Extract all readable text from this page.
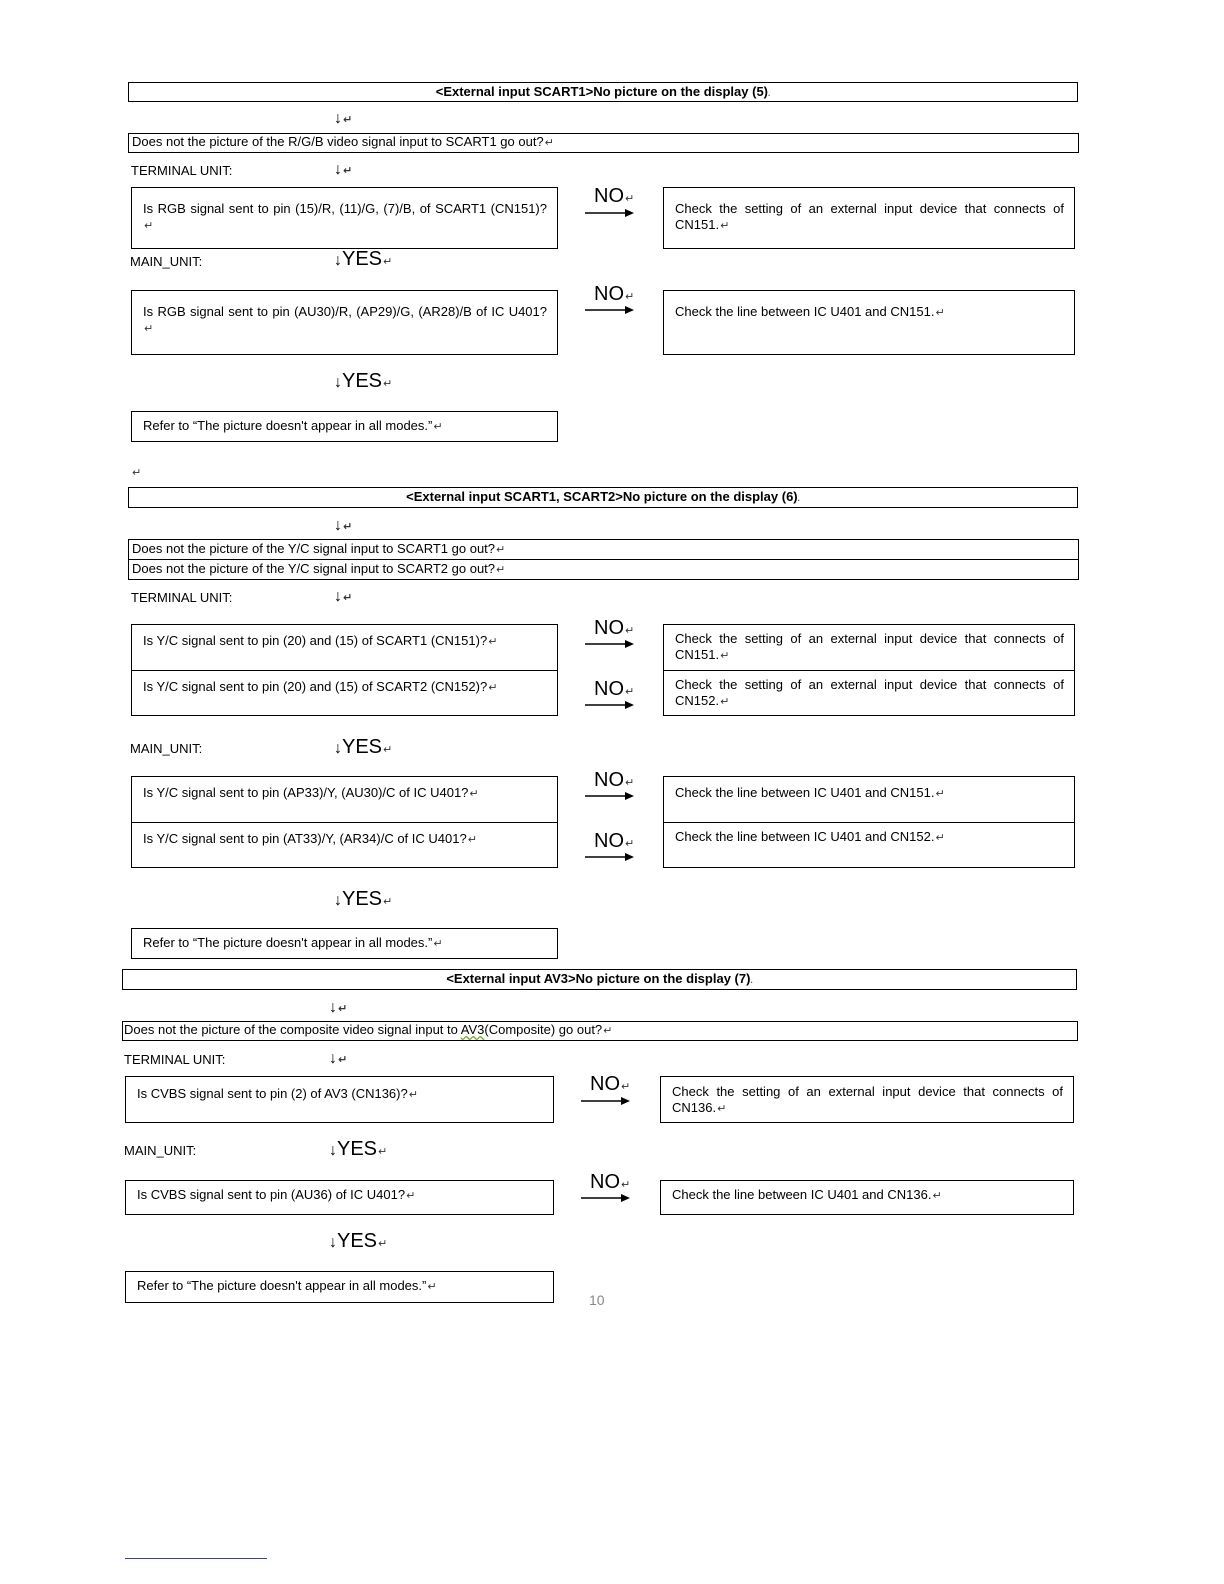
<External input SCART1>No picture on the display (5).
↓↵
Does not the picture of the R/G/B video signal input to SCART1 go out?↵
TERMINAL UNIT:	↓↵
Is RGB signal sent to pin (15)/R, (11)/G, (7)/B, of SCART1 (CN151)?↵
NO↵
Check the setting of an external input device that connects of CN151.↵
MAIN_UNIT:	↓YES↵
Is RGB signal sent to pin (AU30)/R, (AP29)/G, (AR28)/B of IC U401?↵
NO↵
Check the line between IC U401 and CN151.↵
↓YES↵
Refer to “The picture doesn't appear in all modes.”↵
↵
<External input SCART1, SCART2>No picture on the display (6).
↓↵
Does not the picture of the Y/C signal input to SCART1 go out?↵
Does not the picture of the Y/C signal input to SCART2 go out?↵
TERMINAL UNIT:	↓↵
Is Y/C signal sent to pin (20) and (15) of SCART1 (CN151)?↵
Is Y/C signal sent to pin (20) and (15) of SCART2 (CN152)?↵
NO↵
NO↵
Check the setting of an external input device that connects of CN151.↵
Check the setting of an external input device that connects of CN152.↵
MAIN_UNIT:	↓YES↵
Is Y/C signal sent to pin (AP33)/Y, (AU30)/C of IC U401?↵
Is Y/C signal sent to pin (AT33)/Y, (AR34)/C of IC U401?↵
NO↵
NO↵
Check the line between IC U401 and CN151.↵
Check the line between IC U401 and CN152.↵
↓YES↵
Refer to “The picture doesn't appear in all modes.”↵
<External input AV3>No picture on the display (7).
↓↵
Does not the picture of the composite video signal input to AV3(Composite) go out?↵
TERMINAL UNIT:	↓↵
Is CVBS signal sent to pin (2) of AV3 (CN136)?↵	NO↵	Check the setting of an external input device that connects of CN136.↵
MAIN_UNIT:	↓YES↵
Is CVBS signal sent to pin (AU36) of IC U401?↵
NO↵
Check the line between IC U401 and CN136.↵
↓YES↵
Refer to “The picture doesn't appear in all modes.”↵
10
